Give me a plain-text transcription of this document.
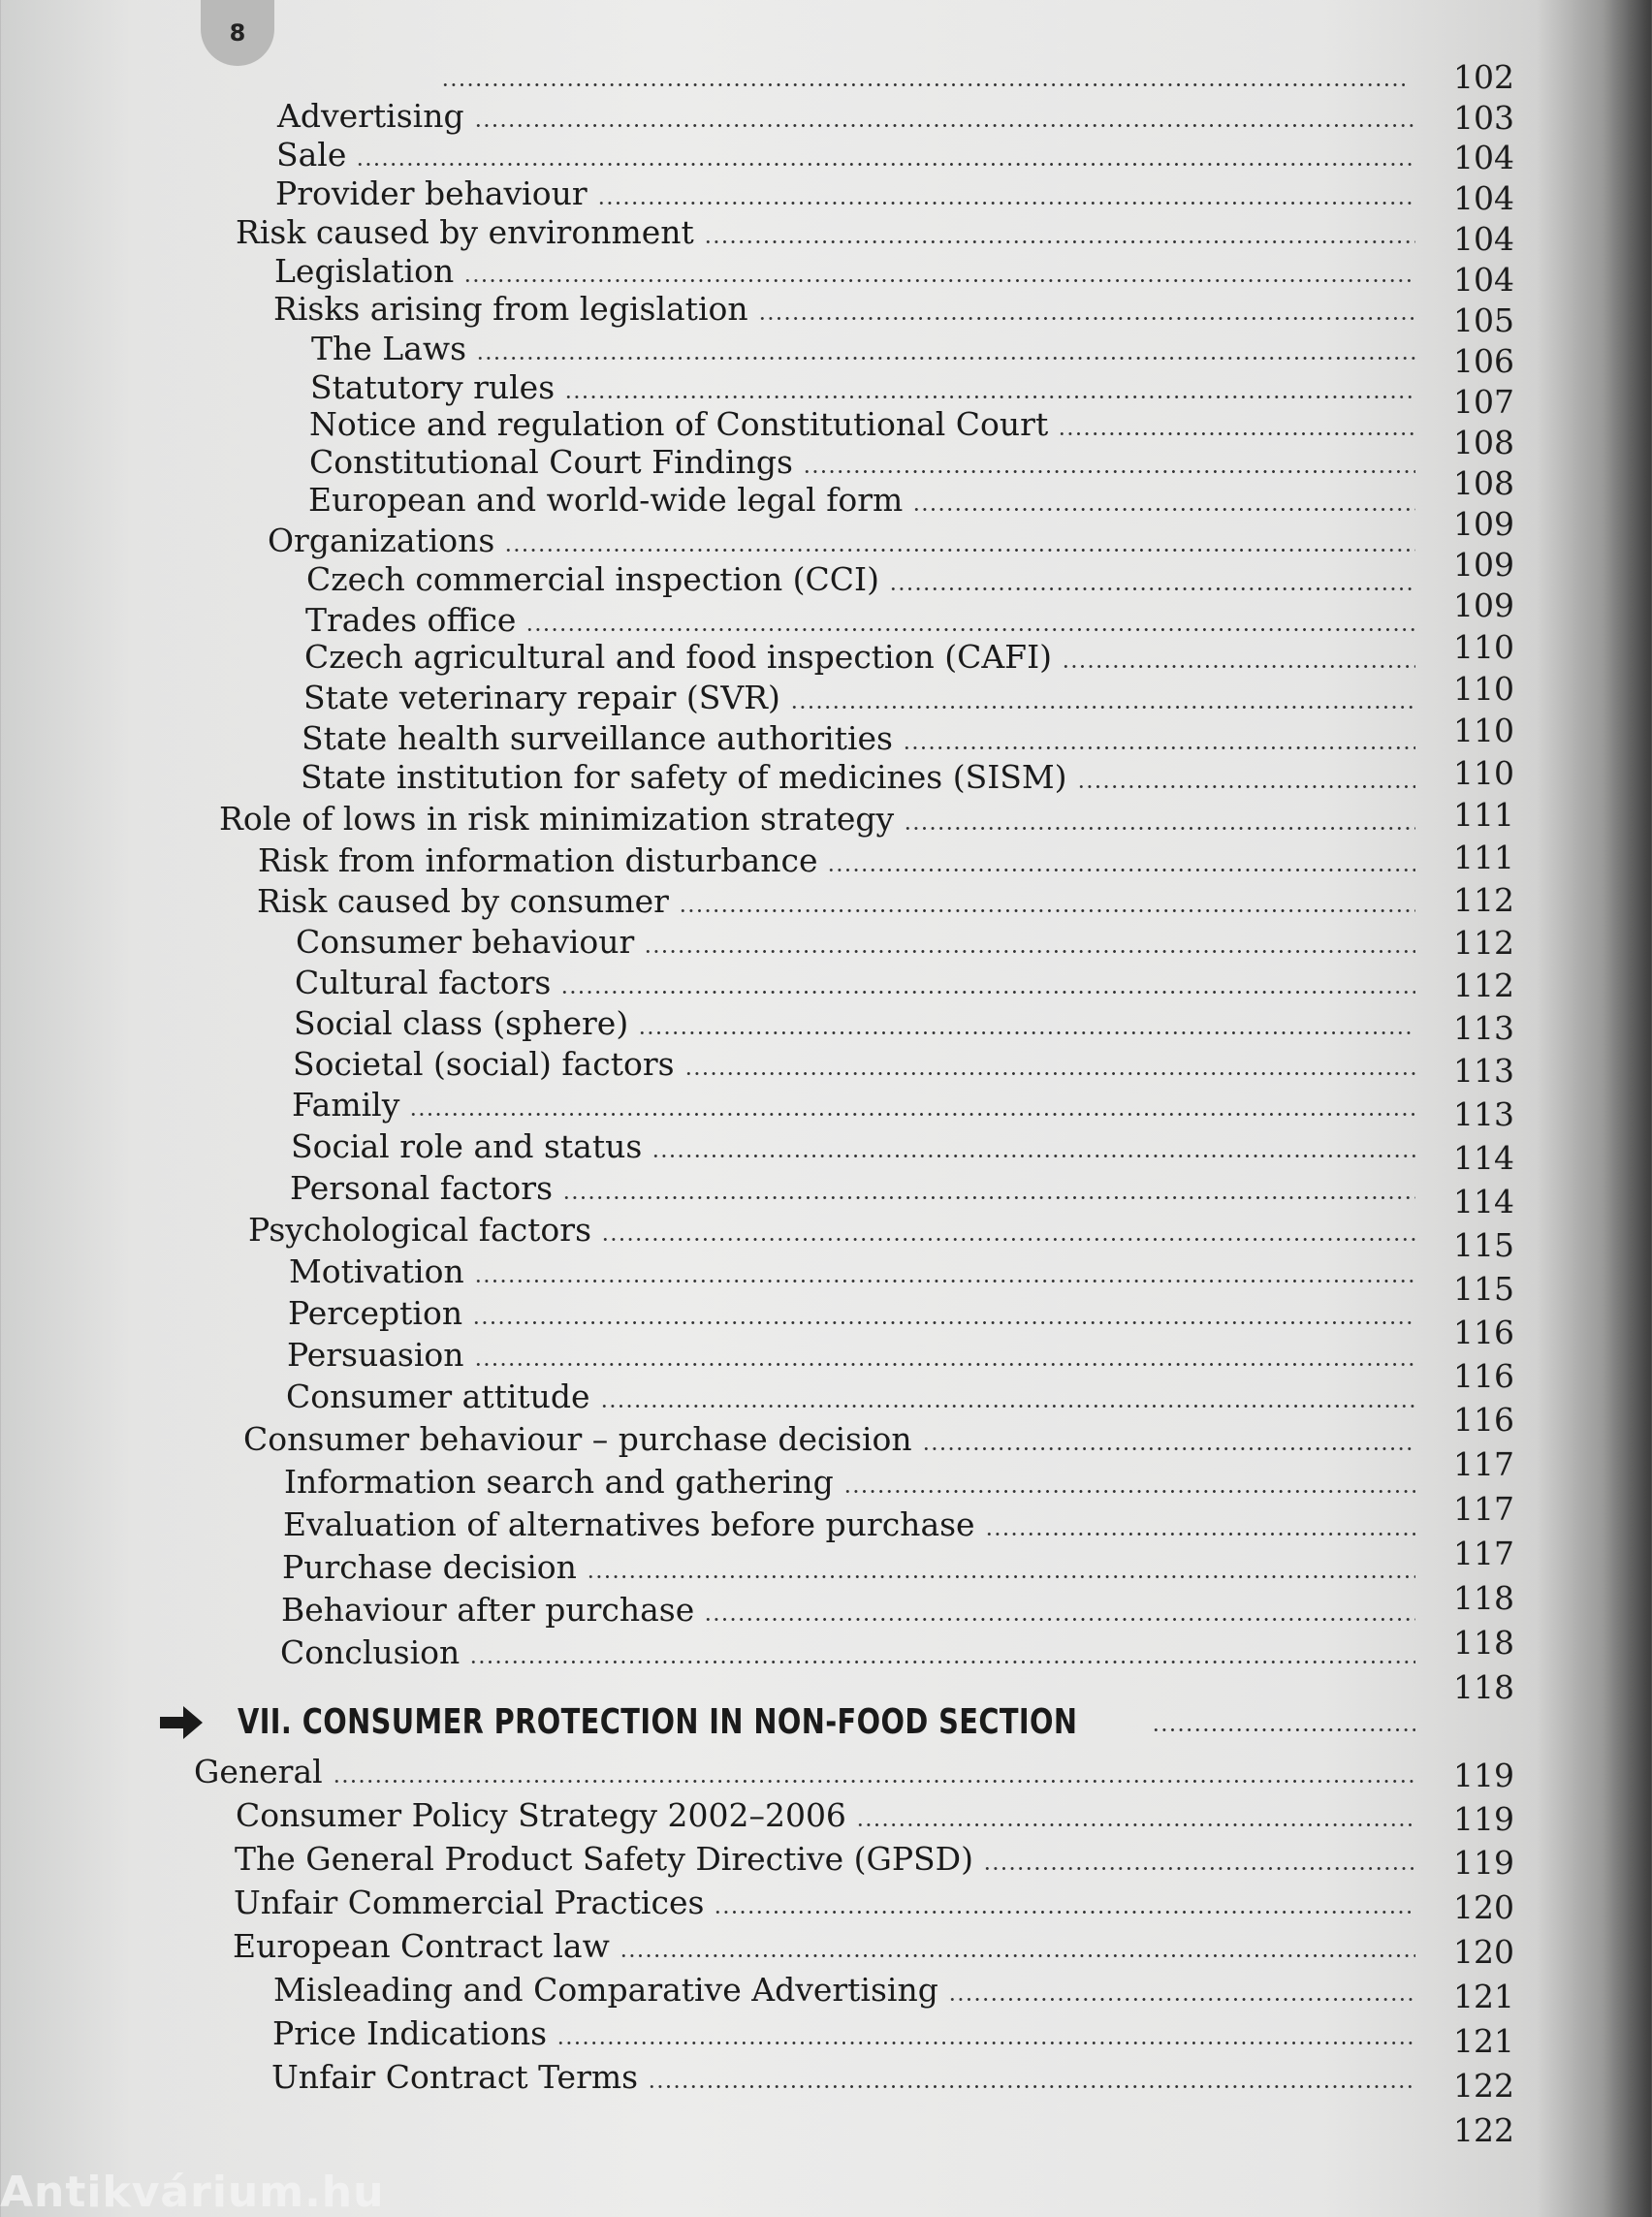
8
102
103
104
104
104
104
105
106
107
108
108
109
109
109
110
110
110
110
111
111
112
112
112
113
113
113
114
114
115
115
116
116
116
117
117
117
118
118
118
119
119
119
120
120
121
121
122
122
Advertising
Sale
Provider behaviour
Risk caused by environment
Legislation
Risks arising from legislation
The Laws
Statutory rules
Notice and regulation of Constitutional Court
Constitutional Court Findings
European and world-wide legal form
Organizations
Czech commercial inspection (CCI)
Trades office
Czech agricultural and food inspection (CAFI)
State veterinary repair (SVR)
State health surveillance authorities
State institution for safety of medicines (SISM)
Role of lows in risk minimization strategy
Risk from information disturbance
Risk caused by consumer
Consumer behaviour
Cultural factors
Social class (sphere)
Societal (social) factors
Family
Social role and status
Personal factors
Psychological factors
Motivation
Perception
Persuasion
Consumer attitude
Consumer behaviour – purchase decision
Information search and gathering
Evaluation of alternatives before purchase
Purchase decision
Behaviour after purchase
Conclusion
VII. CONSUMER PROTECTION IN NON-FOOD SECTION
General
Consumer Policy Strategy 2002–2006
The General Product Safety Directive (GPSD)
Unfair Commercial Practices
European Contract law
Misleading and Comparative Advertising
Price Indications
Unfair Contract Terms
Antikvárium.hu
